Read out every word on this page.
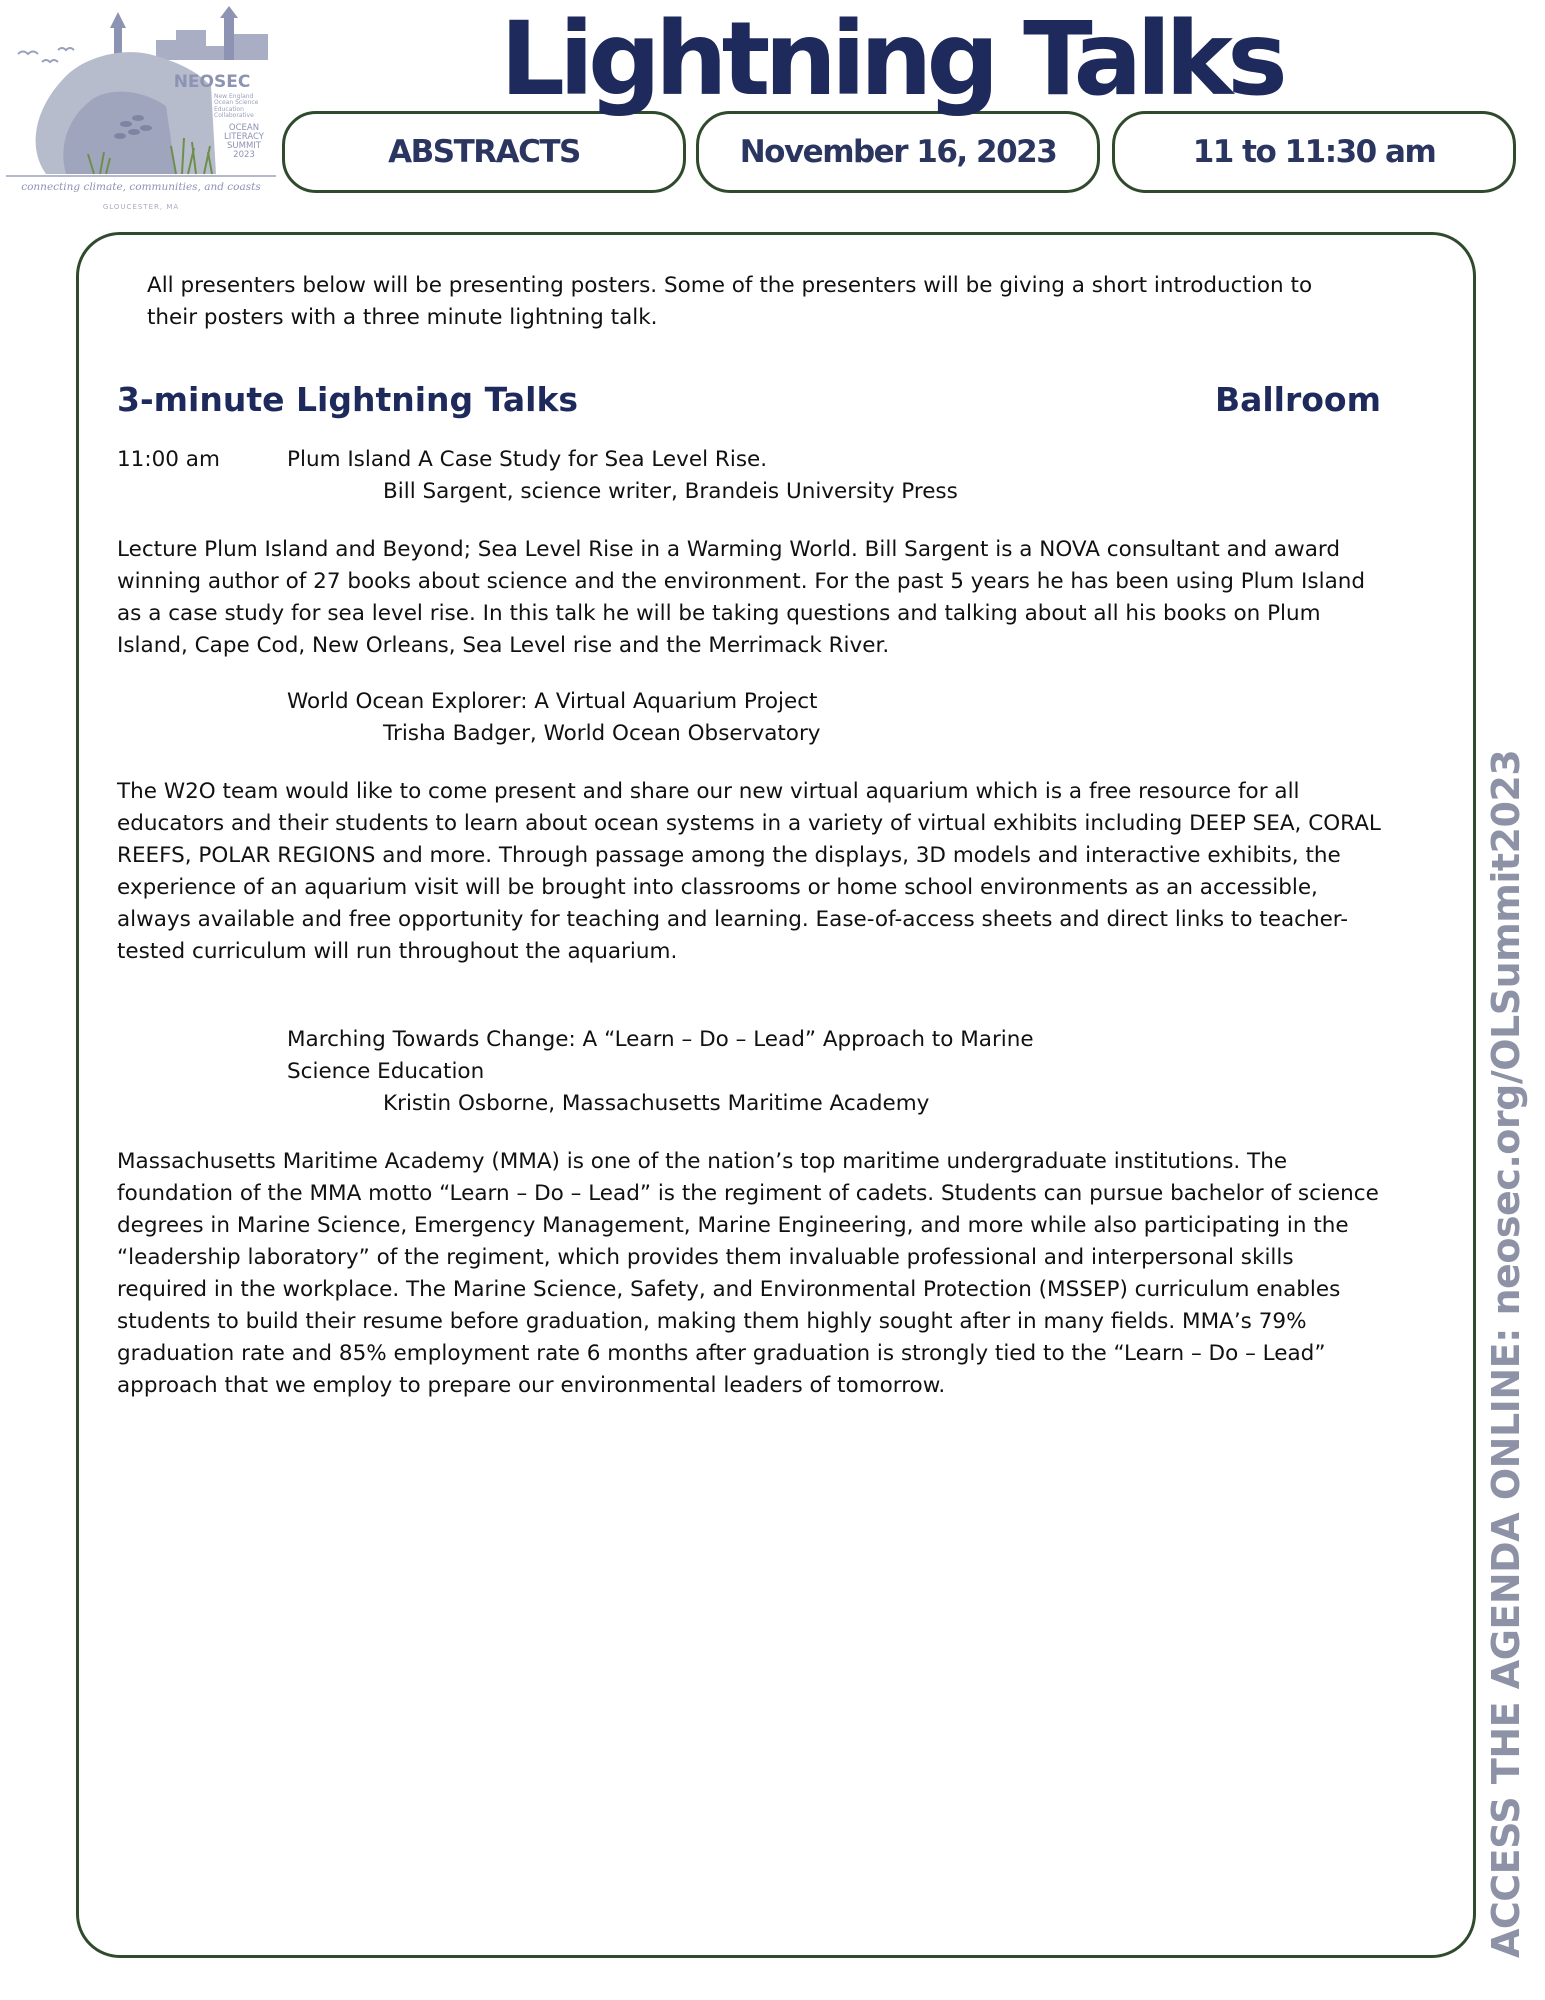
NEOSEC
New England Ocean Science Education Collaborative
OCEAN LITERACY SUMMIT 2023
connecting climate, communities, and coasts
GLOUCESTER, MA
Lightning Talks
ABSTRACTS	November 16, 2023	11 to 11:30 am

All presenters below will be presenting posters. Some of the presenters will be giving a short introduction to their posters with a three minute lightning talk.

3-minute Lightning Talks	Ballroom
11:00 am	Plum Island A Case Study for Sea Level Rise.
Bill Sargent, science writer, Brandeis University Press

Lecture Plum Island and Beyond; Sea Level Rise in a Warming World. Bill Sargent is a NOVA consultant and award winning author of 27 books about science and the environment. For the past 5 years he has been using Plum Island as a case study for sea level rise. In this talk he will be taking questions and talking about all his books on Plum Island, Cape Cod, New Orleans, Sea Level rise and the Merrimack River.

World Ocean Explorer: A Virtual Aquarium Project
Trisha Badger, World Ocean Observatory

The W2O team would like to come present and share our new virtual aquarium which is a free resource for all educators and their students to learn about ocean systems in a variety of virtual exhibits including DEEP SEA, CORAL REEFS, POLAR REGIONS and more. Through passage among the displays, 3D models and interactive exhibits, the experience of an aquarium visit will be brought into classrooms or home school environments as an accessible, always available and free opportunity for teaching and learning. Ease-of-access sheets and direct links to teacher-tested curriculum will run throughout the aquarium.

Marching Towards Change: A “Learn – Do – Lead” Approach to Marine Science Education
Kristin Osborne, Massachusetts Maritime Academy

Massachusetts Maritime Academy (MMA) is one of the nation’s top maritime undergraduate institutions. The foundation of the MMA motto “Learn – Do – Lead” is the regiment of cadets. Students can pursue bachelor of science degrees in Marine Science, Emergency Management, Marine Engineering, and more while also participating in the “leadership laboratory” of the regiment, which provides them invaluable professional and interpersonal skills required in the workplace. The Marine Science, Safety, and Environmental Protection (MSSEP) curriculum enables students to build their resume before graduation, making them highly sought after in many fields. MMA’s 79% graduation rate and 85% employment rate 6 months after graduation is strongly tied to the “Learn – Do – Lead” approach that we employ to prepare our environmental leaders of tomorrow.	ACCESS THE AGENDA ONLINE: neosec.org/OLSummit2023
